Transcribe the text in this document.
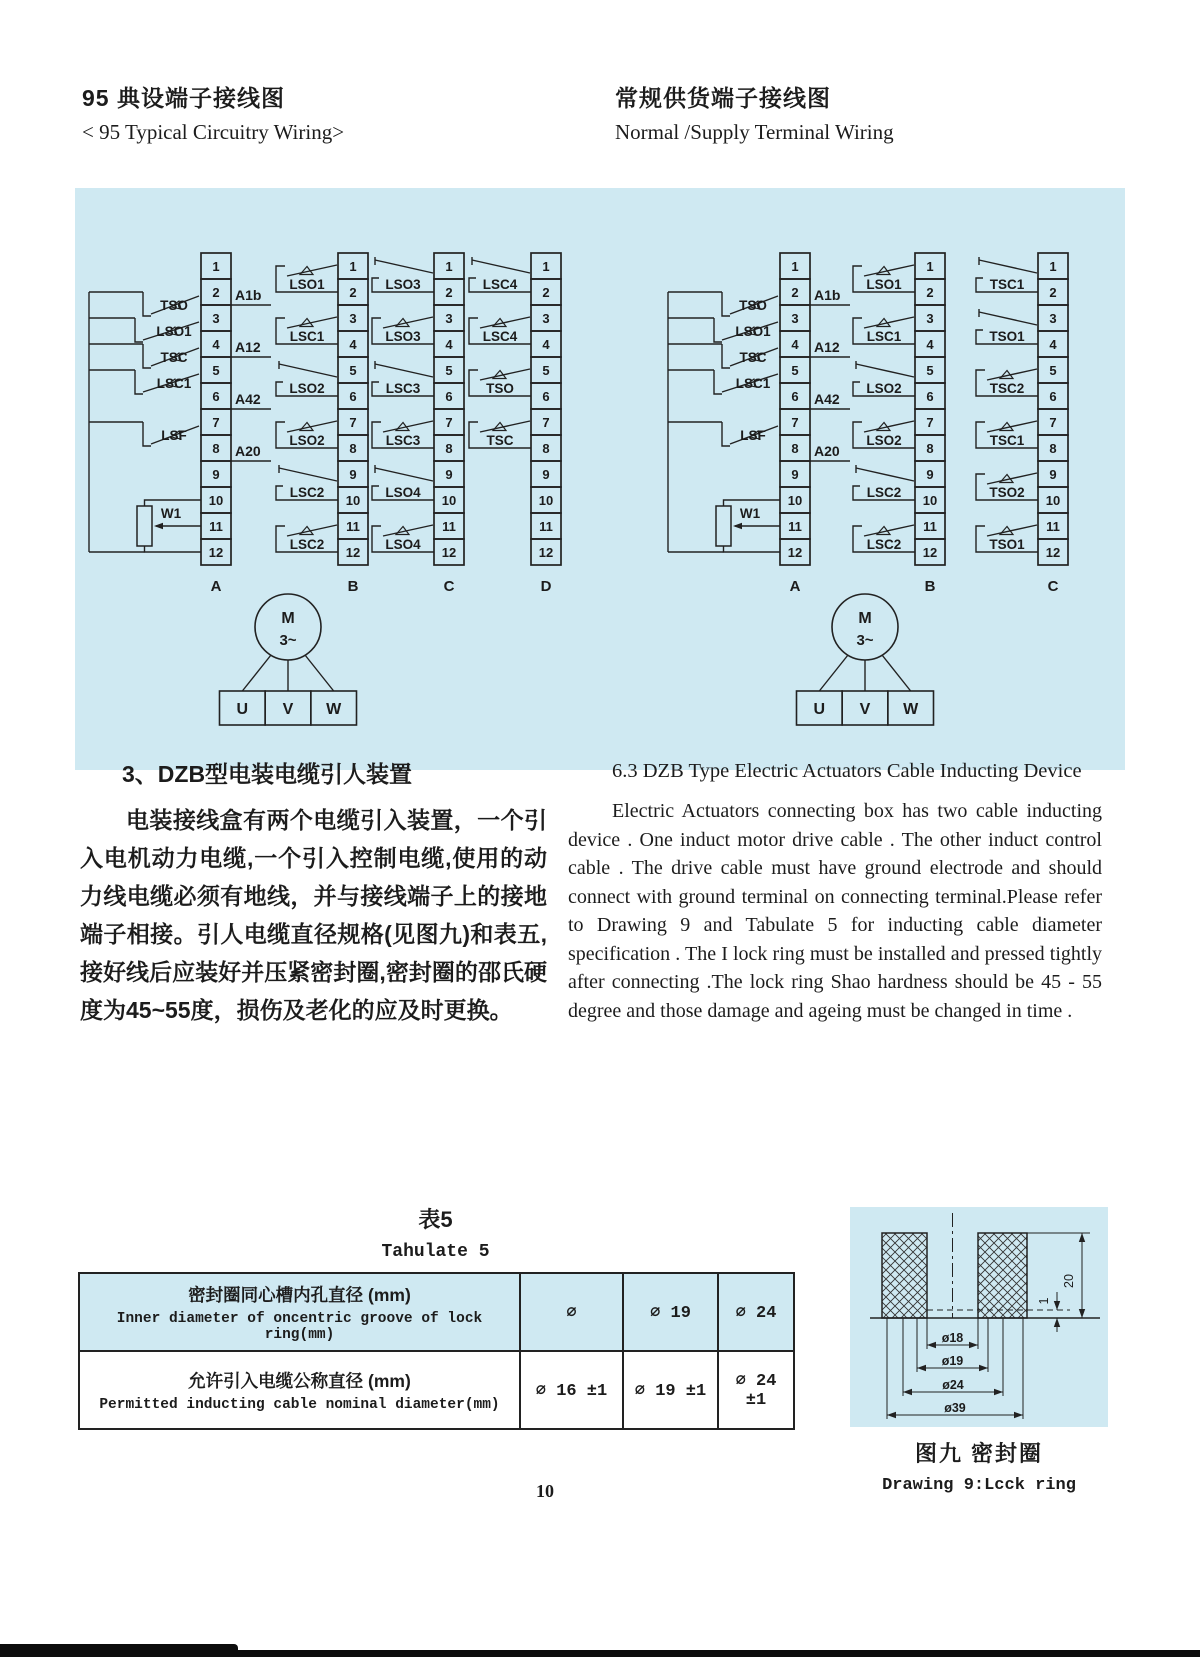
95 典设端子接线图
< 95 Typical Circuitry Wiring>
常规供货端子接线图
Normal /Supply Terminal Wiring
1
2
3
4
5
6
7
8
9
10
11
12
A
A1b
A12
A42
A20
TSO
LSO1
TSC
LSC1
LSF
W1
1
2
3
4
5
6
7
8
9
10
11
12
B
LSO1
LSC1
LSO2
LSO2
LSC2
LSC2
1
2
3
4
5
6
7
8
9
10
11
12
C
LSO3
LSO3
LSC3
LSC3
LSO4
LSO4
1
2
3
4
5
6
7
8
9
10
11
12
D
LSC4
LSC4
TSO
TSC
M
3~
U V W
1
2
3
4
5
6
7
8
9
10
11
12
A
A1b
A12
A42
A20
TSO
LSO1
TSC
LSC1
LSF
W1
1
2
3
4
5
6
7
8
9
10
11
12
B
LSO1
LSC1
LSO2
LSO2
LSC2
LSC2
1
2
3
4
5
6
7
8
9
10
11
12
C
TSC1
TSO1
TSC2
TSC1
TSO2
TSO1
M
3~
U V W
3、DZB型电装电缆引人装置

电装接线盒有两个电缆引入装置，一个引入电机动力电缆,一个引入控制电缆,使用的动力线电缆必须有地线，并与接线端子上的接地端子相接。引人电缆直径规格(见图九)和表五,接好线后应装好并压紧密封圈,密封圈的邵氏硬度为45~55度，损伤及老化的应及时更换。

6.3 DZB Type Electric Actuators Cable Inducting Device

Electric Actuators connecting box has two cable inducting device . One induct motor drive cable . The other induct control cable . The drive cable must have ground electrode and should connect with ground terminal on connecting terminal.Please refer to Drawing 9 and Tabulate 5 for inducting cable diameter specification . The I lock ring must be installed and pressed tightly after connecting .The lock ring Shao hardness should be 45 - 55 degree and those damage and ageing must be changed in time .

表5
Tahulate 5
密封圈同心槽内孔直径 (mm)
Inner diameter of oncentric groove of lock ring(mm)	∅	∅ 19	∅ 24

允许引入电缆公称直径 (mm)
Permitted inducting cable nominal diameter(mm)	∅ 16 ±1	∅ 19 ±1	∅ 24 ±1
20
1
ø18
ø19
ø24
ø39
图九 密封圈
Drawing 9:Lcck ring
10
